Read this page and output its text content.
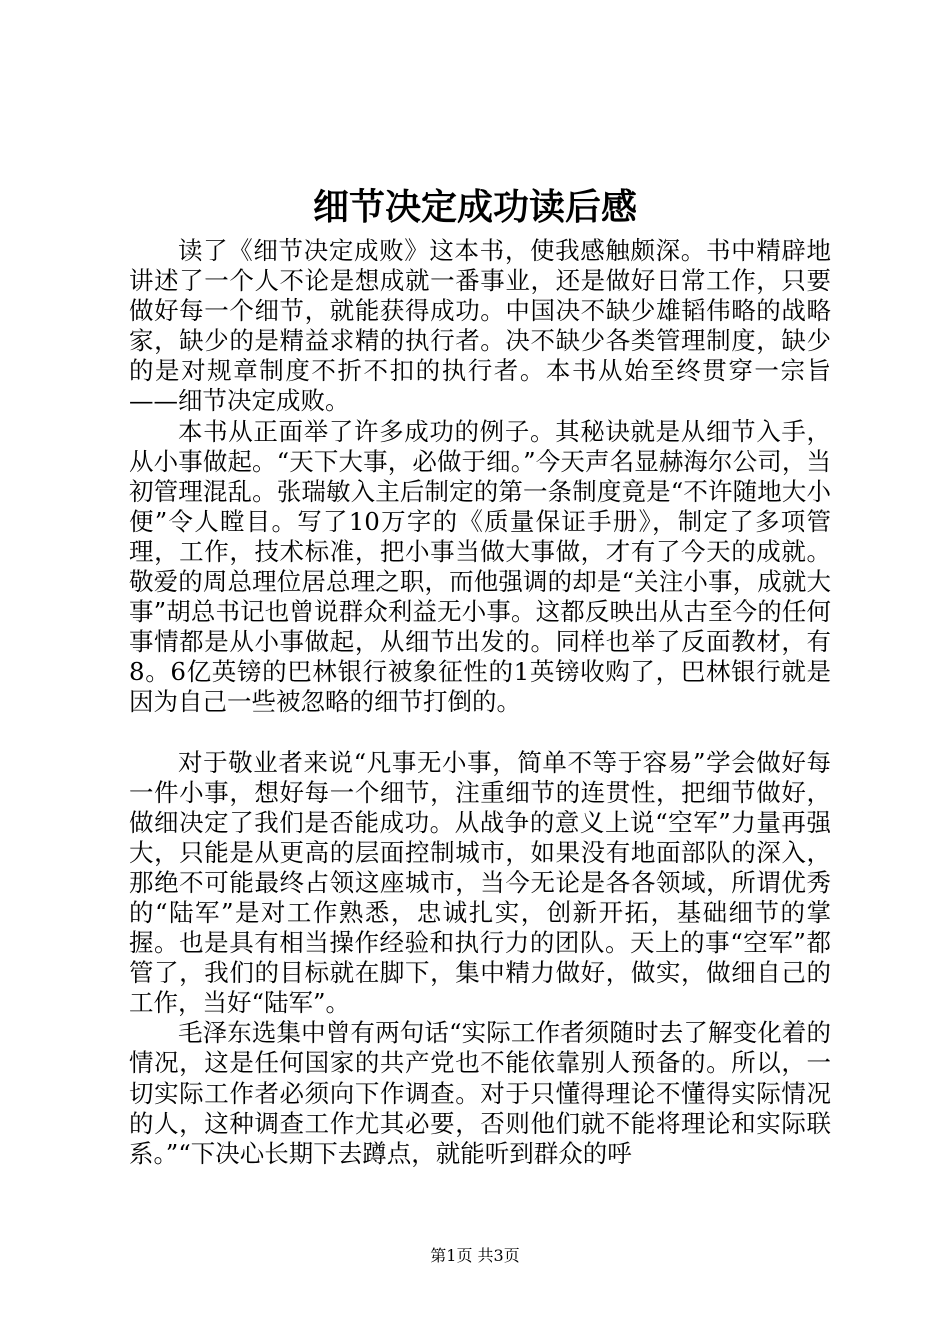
细节决定成功读后感

读了《细节决定成败》这本书，使我感触颇深。书中精辟地讲述了一个人不论是想成就一番事业，还是做好日常工作，只要做好每一个细节，就能获得成功。中国决不缺少雄韬伟略的战略家，缺少的是精益求精的执行者。决不缺少各类管理制度，缺少的是对规章制度不折不扣的执行者。本书从始至终贯穿一宗旨——细节决定成败。

本书从正面举了许多成功的例子。其秘诀就是从细节入手，从小事做起。“天下大事，必做于细。”今天声名显赫海尔公司，当初管理混乱。张瑞敏入主后制定的第一条制度竟是“不许随地大小便”令人瞠目。写了10万字的《质量保证手册》，制定了多项管理，工作，技术标准，把小事当做大事做，才有了今天的成就。敬爱的周总理位居总理之职，而他强调的却是“关注小事，成就大事”胡总书记也曾说群众利益无小事。这都反映出从古至今的任何事情都是从小事做起，从细节出发的。同样也举了反面教材，有8。6亿英镑的巴林银行被象征性的1英镑收购了，巴林银行就是因为自己一些被忽略的细节打倒的。

对于敬业者来说“凡事无小事，简单不等于容易”学会做好每一件小事，想好每一个细节，注重细节的连贯性，把细节做好，做细决定了我们是否能成功。从战争的意义上说“空军”力量再强大，只能是从更高的层面控制城市，如果没有地面部队的深入，那绝不可能最终占领这座城市，当今无论是各各领域，所谓优秀的“陆军”是对工作熟悉，忠诚扎实，创新开拓，基础细节的掌握。也是具有相当操作经验和执行力的团队。天上的事“空军”都管了，我们的目标就在脚下，集中精力做好，做实，做细自己的工作，当好“陆军”。

毛泽东选集中曾有两句话“实际工作者须随时去了解变化着的情况，这是任何国家的共产党也不能依靠别人预备的。所以，一切实际工作者必须向下作调查。对于只懂得理论不懂得实际情况的人，这种调查工作尤其必要，否则他们就不能将理论和实际联系。”“下决心长期下去蹲点，就能听到群众的呼

第1页 共3页
